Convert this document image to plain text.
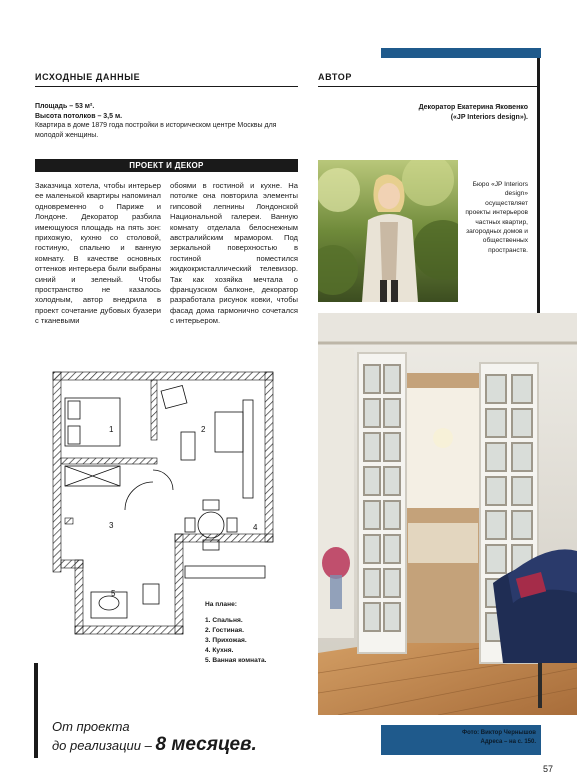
ИСХОДНЫЕ ДАННЫЕ	АВТОР
Площадь – 53 м².
Высота потолков – 3,5 м.
Квартира в доме 1879 года постройки в историческом центре Москвы для молодой женщины.
Декоратор Екатерина Яковенко
(«JP Interiors design»).
ПРОЕКТ И ДЕКОР
Заказчица хотела, чтобы интерьер ее маленькой квартиры напоминал одновременно о Париже и Лондоне. Декоратор разбила имеющуюся площадь на пять зон: прихожую, кухню со столовой, гостиную, спальню и ванную комнату. В качестве основных оттенков интерьера были выбраны синий и зеленый. Чтобы пространство не казалось холодным, автор внедрила в проект сочетание дубовых буазери с тканевыми
обоями в гостиной и кухне. На потолке она повторила элементы гипсовой лепнины Лондонской Национальной галереи. Ванную комнату отделала белоснежным австралийским мрамором. Под зеркальной поверхностью в гостиной поместился жидкокристаллический телевизор. Так как хозяйка мечтала о французском балконе, декоратор разработала рисунок ковки, чтобы фасад дома гармонично сочетался с интерьером.
Бюро «JP Interiors design» осуществляет проекты интерьеров частных квартир, загородных домов и общественных пространств.
1	2
3	4
5
На плане:
1. Спальня.
2. Гостиная.
3. Прихожая.
4. Кухня.
5. Ванная комната.
От проекта
до реализации – 8 месяцев.
Фото: Виктор Чернышов
Адреса – на с. 150.
57
